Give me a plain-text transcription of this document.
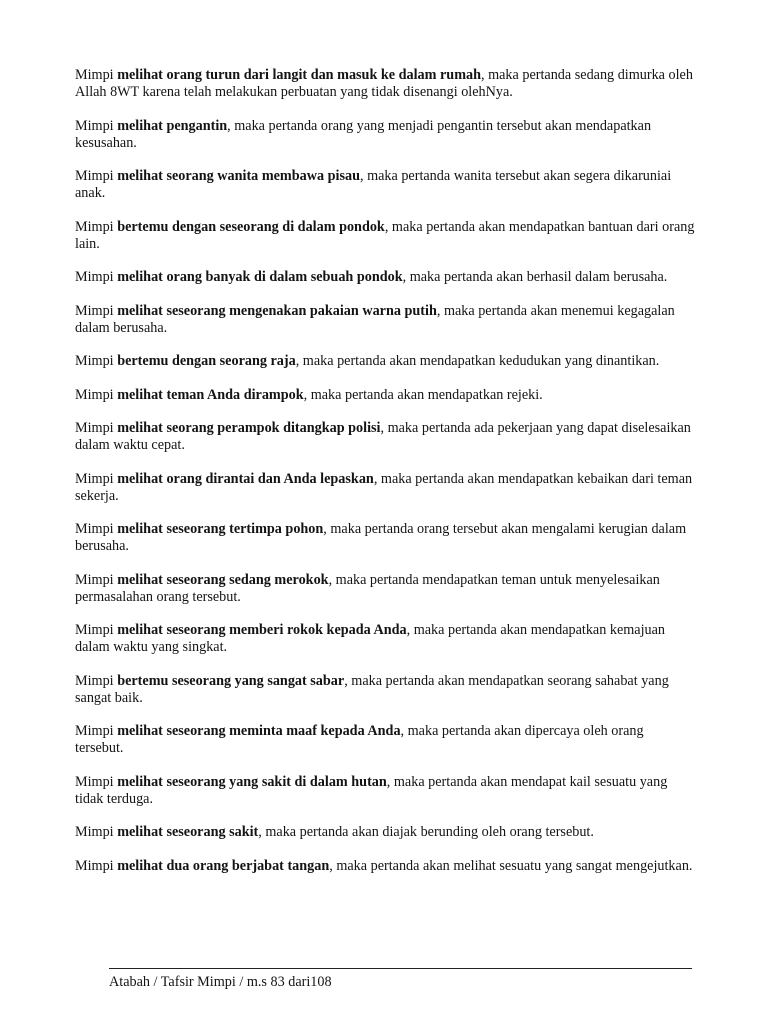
Mimpi melihat orang turun dari langit dan masuk ke dalam rumah, maka pertanda sedang dimurka oleh Allah 8WT karena telah melakukan perbuatan yang tidak disenangi olehNya.

Mimpi melihat pengantin, maka pertanda orang yang menjadi pengantin tersebut akan mendapatkan kesusahan.

Mimpi melihat seorang wanita membawa pisau, maka pertanda wanita tersebut akan segera dikaruniai anak.

Mimpi bertemu dengan seseorang di dalam pondok, maka pertanda akan mendapatkan bantuan dari orang lain.

Mimpi melihat orang banyak di dalam sebuah pondok, maka pertanda akan berhasil dalam berusaha.

Mimpi melihat seseorang mengenakan pakaian warna putih, maka pertanda akan menemui kegagalan dalam berusaha.

Mimpi bertemu dengan seorang raja, maka pertanda akan mendapatkan kedudukan yang dinantikan.

Mimpi melihat teman Anda dirampok, maka pertanda akan mendapatkan rejeki.

Mimpi melihat seorang perampok ditangkap polisi, maka pertanda ada pekerjaan yang dapat diselesaikan dalam waktu cepat.

Mimpi melihat orang dirantai dan Anda lepaskan, maka pertanda akan mendapatkan kebaikan dari teman sekerja.

Mimpi melihat seseorang tertimpa pohon, maka pertanda orang tersebut akan mengalami kerugian dalam berusaha.

Mimpi melihat seseorang sedang merokok, maka pertanda mendapatkan teman untuk menyelesaikan permasalahan orang tersebut.

Mimpi melihat seseorang memberi rokok kepada Anda, maka pertanda akan mendapatkan kemajuan dalam waktu yang singkat.

Mimpi bertemu seseorang yang sangat sabar, maka pertanda akan mendapatkan seorang sahabat yang sangat baik.

Mimpi melihat seseorang meminta maaf kepada Anda, maka pertanda akan dipercaya oleh orang tersebut.

Mimpi melihat seseorang yang sakit di dalam hutan, maka pertanda akan mendapat kail sesuatu yang tidak terduga.

Mimpi melihat seseorang sakit, maka pertanda akan diajak berunding oleh orang tersebut.

Mimpi melihat dua orang berjabat tangan, maka pertanda akan melihat sesuatu yang sangat mengejutkan.

Atabah / Tafsir Mimpi / m.s 83 dari108
